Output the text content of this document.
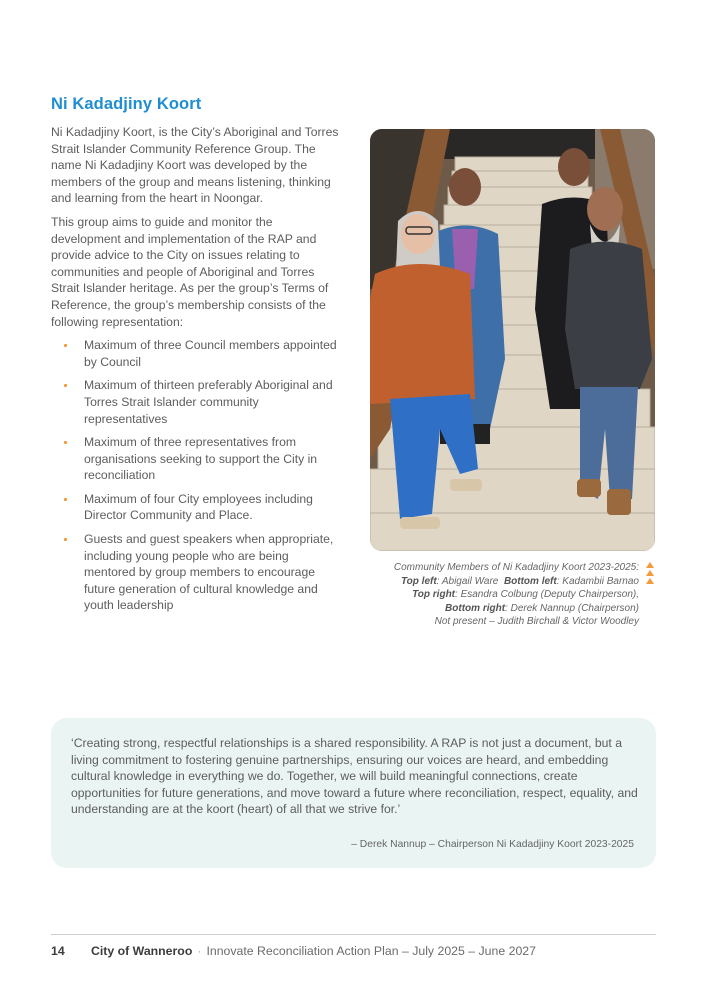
Ni Kadadjiny Koort

Ni Kadadjiny Koort, is the City’s Aboriginal and Torres Strait Islander Community Reference Group. The name Ni Kadadjiny Koort was developed by the members of the group and means listening, thinking and learning from the heart in Noongar.

This group aims to guide and monitor the development and implementation of the RAP and provide advice to the City on issues relating to communities and people of Aboriginal and Torres Strait Islander heritage. As per the group’s Terms of Reference, the group’s membership consists of the following representation:

Maximum of three Council members appointed by Council
Maximum of thirteen preferably Aboriginal and Torres Strait Islander community representatives
Maximum of three representatives from organisations seeking to support the City in reconciliation
Maximum of four City employees including Director Community and Place.
Guests and guest speakers when appropriate, including young people who are being mentored by group members to encourage future generation of cultural knowledge and youth leadership
Community Members of Ni Kadadjiny Koort 2023-2025:
Top left: Abigail Ware Bottom left: Kadambii Barnao
Top right: Esandra Colbung (Deputy Chairperson),
Bottom right: Derek Nannup (Chairperson)
Not present – Judith Birchall & Victor Woodley

‘Creating strong, respectful relationships is a shared responsibility. A RAP is not just a document, but a living commitment to fostering genuine partnerships, ensuring our voices are heard, and embedding cultural knowledge in everything we do. Together, we will build meaningful connections, create opportunities for future generations, and move toward a future where reconciliation, respect, equality, and understanding are at the koort (heart) of all that we strive for.’

– Derek Nannup – Chairperson Ni Kadadjiny Koort 2023-2025

14 City of Wanneroo · Innovate Reconciliation Action Plan – July 2025 – June 2027
